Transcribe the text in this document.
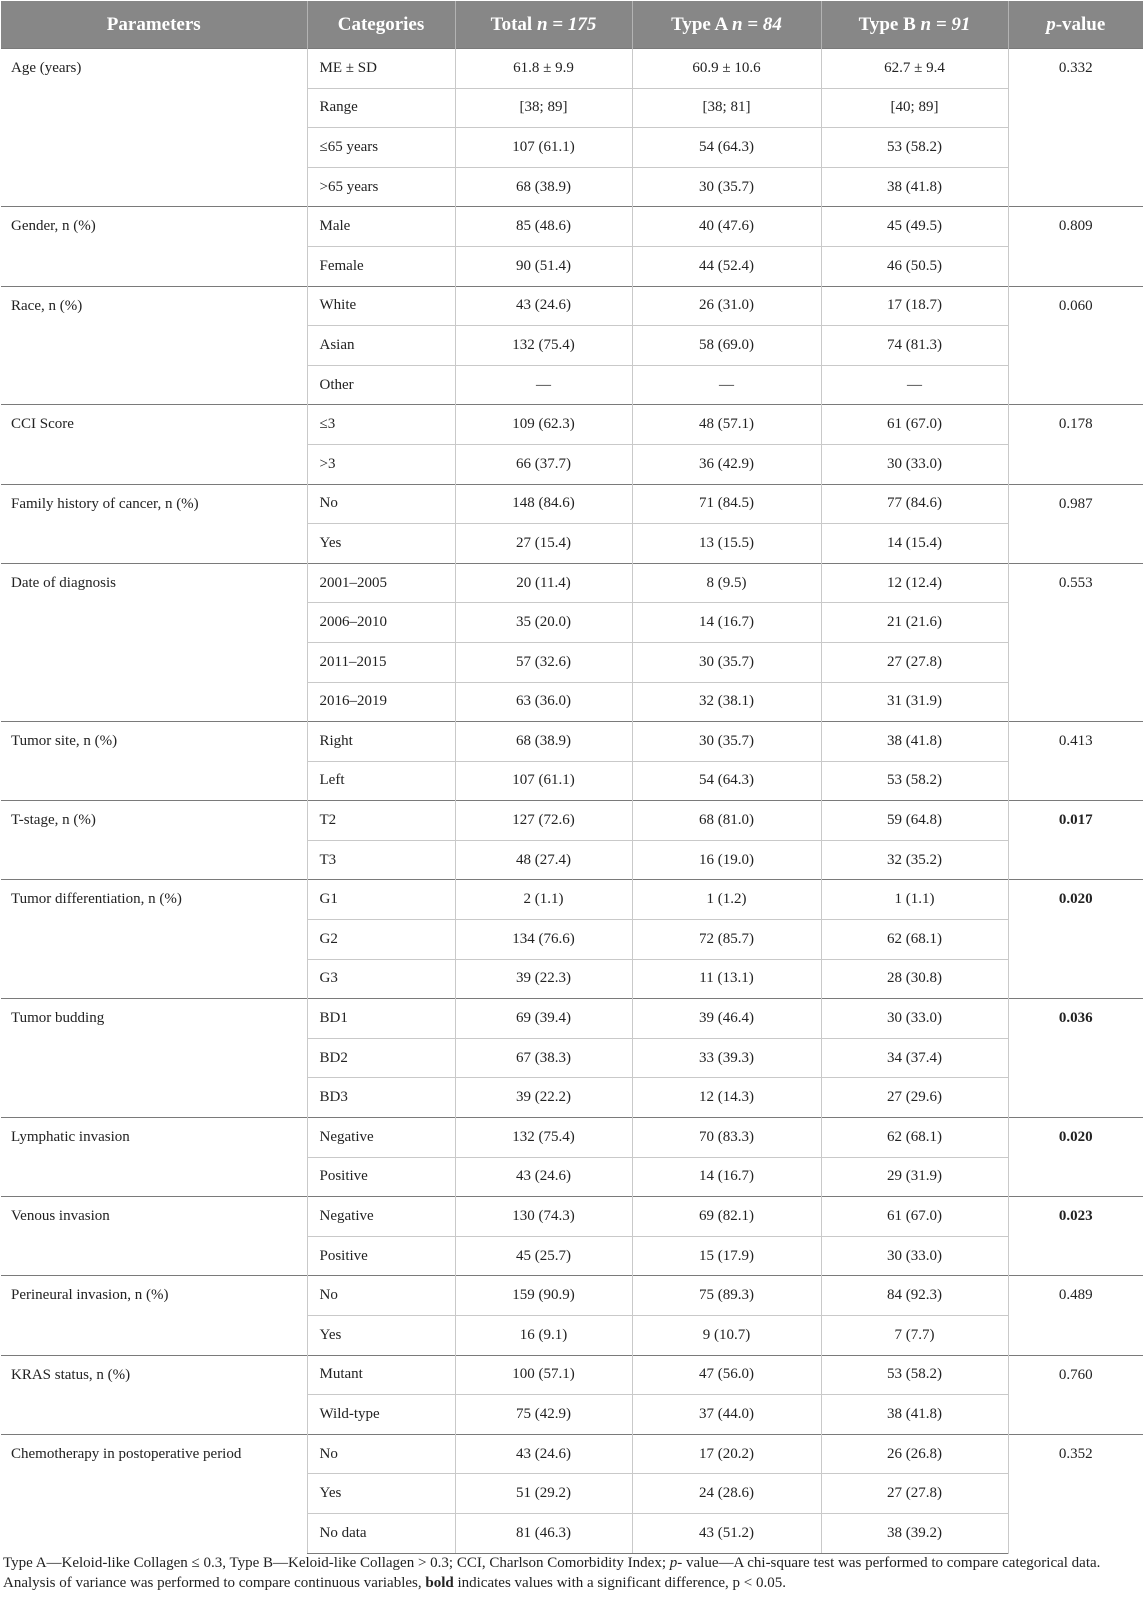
Parameters	Categories	Total n = 175	Type A n = 84	Type B n = 91	p-value
Age (years)	ME ± SD	61.8 ± 9.9	60.9 ± 10.6	62.7 ± 9.4	0.332
	Range	[38; 89]	[38; 81]	[40; 89]	
	≤65 years	107 (61.1)	54 (64.3)	53 (58.2)	
	>65 years	68 (38.9)	30 (35.7)	38 (41.8)	
Gender, n (%)	Male	85 (48.6)	40 (47.6)	45 (49.5)	0.809
	Female	90 (51.4)	44 (52.4)	46 (50.5)	
Race, n (%)	White	43 (24.6)	26 (31.0)	17 (18.7)	0.060
	Asian	132 (75.4)	58 (69.0)	74 (81.3)	
	Other	—	—	—	
CCI Score	≤3	109 (62.3)	48 (57.1)	61 (67.0)	0.178
	>3	66 (37.7)	36 (42.9)	30 (33.0)	
Family history of cancer, n (%)	No	148 (84.6)	71 (84.5)	77 (84.6)	0.987
	Yes	27 (15.4)	13 (15.5)	14 (15.4)	
Date of diagnosis	2001–2005	20 (11.4)	8 (9.5)	12 (12.4)	0.553
	2006–2010	35 (20.0)	14 (16.7)	21 (21.6)	
	2011–2015	57 (32.6)	30 (35.7)	27 (27.8)	
	2016–2019	63 (36.0)	32 (38.1)	31 (31.9)	
Tumor site, n (%)	Right	68 (38.9)	30 (35.7)	38 (41.8)	0.413
	Left	107 (61.1)	54 (64.3)	53 (58.2)	
T-stage, n (%)	T2	127 (72.6)	68 (81.0)	59 (64.8)	0.017
	T3	48 (27.4)	16 (19.0)	32 (35.2)	
Tumor differentiation, n (%)	G1	2 (1.1)	1 (1.2)	1 (1.1)	0.020
	G2	134 (76.6)	72 (85.7)	62 (68.1)	
	G3	39 (22.3)	11 (13.1)	28 (30.8)	
Tumor budding	BD1	69 (39.4)	39 (46.4)	30 (33.0)	0.036
	BD2	67 (38.3)	33 (39.3)	34 (37.4)	
	BD3	39 (22.2)	12 (14.3)	27 (29.6)	
Lymphatic invasion	Negative	132 (75.4)	70 (83.3)	62 (68.1)	0.020
	Positive	43 (24.6)	14 (16.7)	29 (31.9)	
Venous invasion	Negative	130 (74.3)	69 (82.1)	61 (67.0)	0.023
	Positive	45 (25.7)	15 (17.9)	30 (33.0)	
Perineural invasion, n (%)	No	159 (90.9)	75 (89.3)	84 (92.3)	0.489
	Yes	16 (9.1)	9 (10.7)	7 (7.7)	
KRAS status, n (%)	Mutant	100 (57.1)	47 (56.0)	53 (58.2)	0.760
	Wild-type	75 (42.9)	37 (44.0)	38 (41.8)	
Chemotherapy in postoperative period	No	43 (24.6)	17 (20.2)	26 (26.8)	0.352
	Yes	51 (29.2)	24 (28.6)	27 (27.8)	
	No data	81 (46.3)	43 (51.2)	38 (39.2)	
Type A—Keloid-like Collagen ≤ 0.3, Type B—Keloid-like Collagen > 0.3; CCI, Charlson Comorbidity Index; p- value—A chi-square test was performed to compare categorical data. Analysis of variance was performed to compare continuous variables, bold indicates values with a significant difference, p < 0.05.
